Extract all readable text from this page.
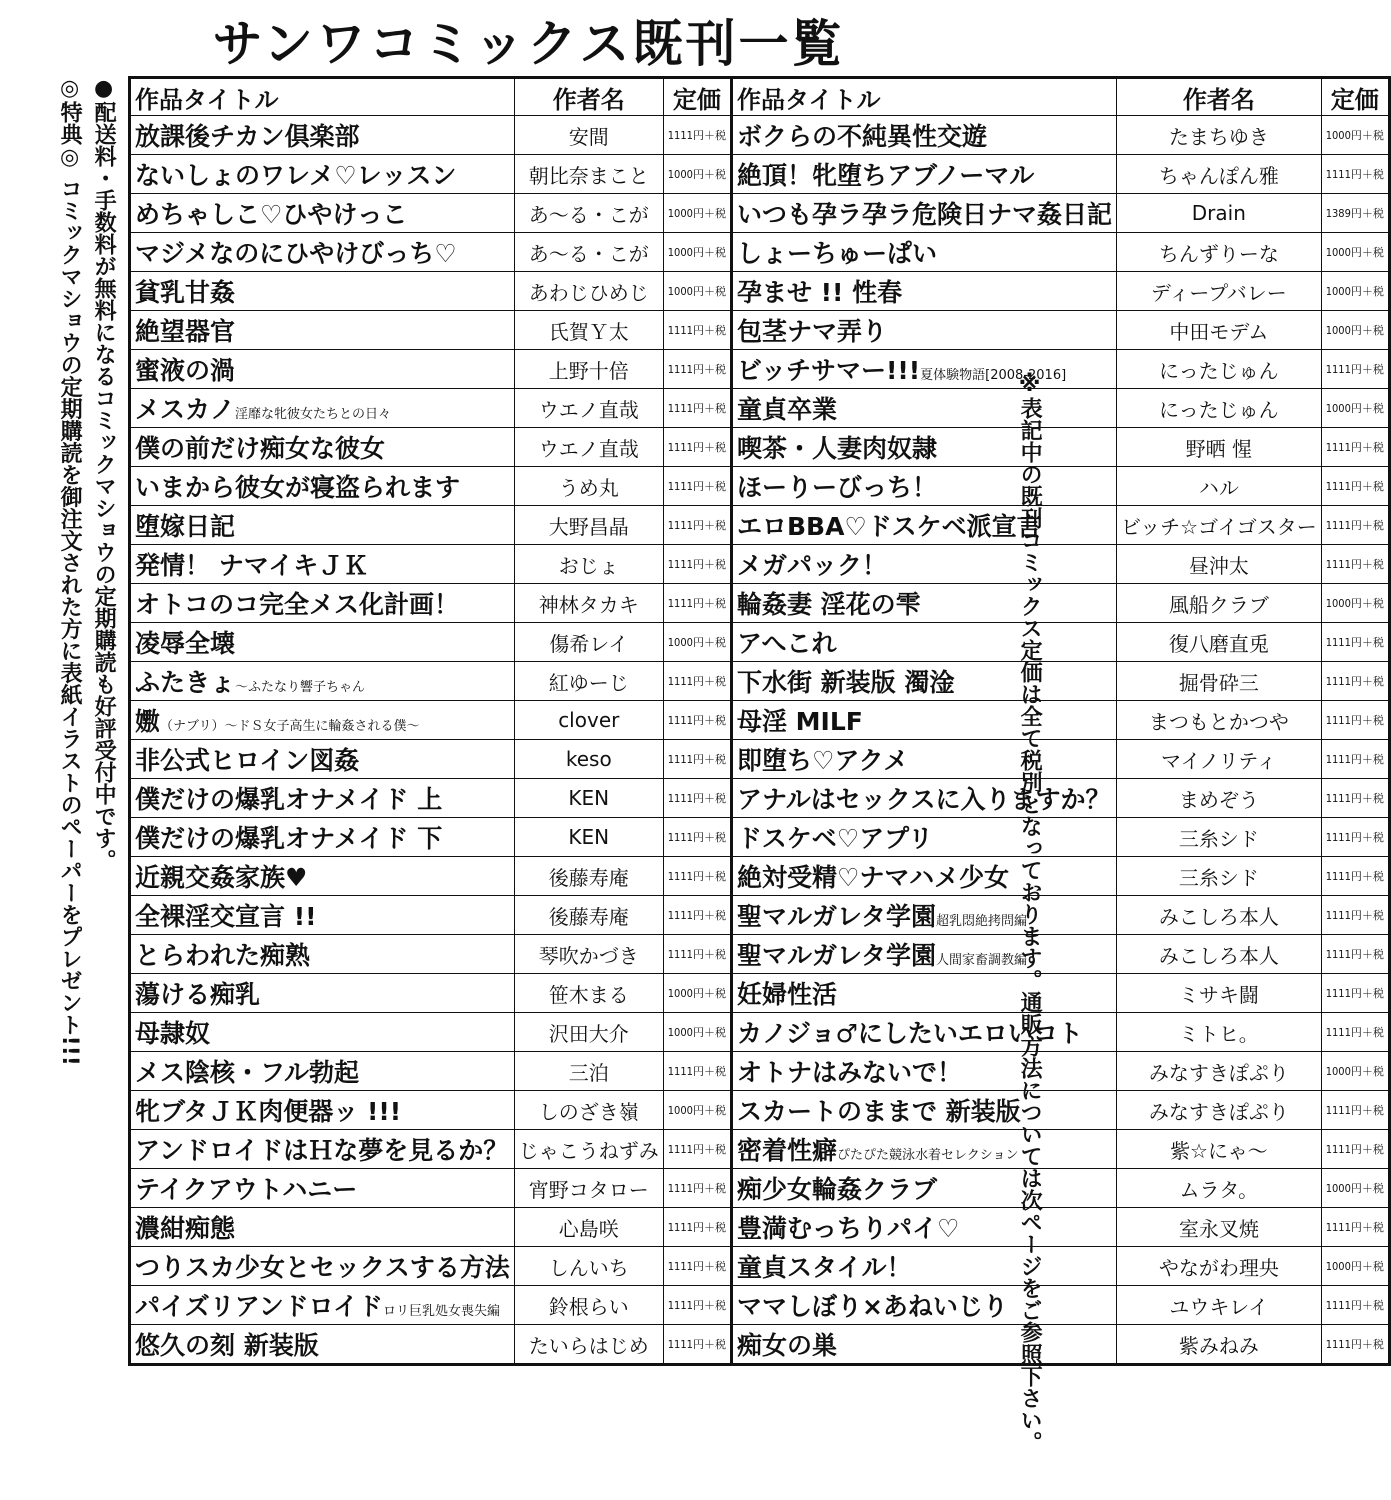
サンワコミックス既刊一覧
●配送料・手数料が無料になるコミックマショウの定期購読も好評受付中です。
◎特典◎ コミックマショウの定期購読を御注文された方に表紙イラストのペーパーをプレゼント!!!	※表記中の既刊コミックス定価は全て税別となっております。通販方法については次ページをご参照下さい。
作品タイトル	作者名	定価	作品タイトル	作者名	定価
放課後チカン倶楽部	安間	1111円＋税	ボクらの不純異性交遊	たまちゆき	1000円＋税
ないしょのワレメ♡レッスン	朝比奈まこと	1000円＋税	絶頂！牝堕ちアブノーマル	ちゃんぽん雅	1111円＋税
めちゃしこ♡ひやけっこ	あ〜る・こが	1000円＋税	いつも孕ラ孕ラ危険日ナマ姦日記	Drain	1389円＋税
マジメなのにひやけびっち♡	あ〜る・こが	1000円＋税	しょーちゅーぱい	ちんずりーな	1000円＋税
貧乳甘姦	あわじひめじ	1000円＋税	孕ませ !! 性春	ディープバレー	1000円＋税
絶望器官	氏賀Ｙ太	1111円＋税	包茎ナマ弄り	中田モデム	1000円＋税
蜜液の渦	上野十倍	1111円＋税	ビッチサマー!!!夏体験物語[2008-2016]	にったじゅん	1111円＋税
メスカノ淫靡な牝彼女たちとの日々	ウエノ直哉	1111円＋税	童貞卒業	にったじゅん	1000円＋税
僕の前だけ痴女な彼女	ウエノ直哉	1111円＋税	喫茶・人妻肉奴隷	野晒 惺	1111円＋税
いまから彼女が寝盗られます	うめ丸	1111円＋税	ほーりーびっち！	ハル	1111円＋税
堕嫁日記	大野昌晶	1111円＋税	エロBBA♡ドスケベ派宣言	ビッチ☆ゴイゴスター	1111円＋税
発情！ ナマイキＪＫ	おじょ	1111円＋税	メガパック！	昼沖太	1111円＋税
オトコのコ完全メス化計画！	神林タカキ	1111円＋税	輪姦妻 淫花の雫	風船クラブ	1000円＋税
凌辱全壊	傷希レイ	1000円＋税	アへこれ	復八磨直兎	1111円＋税
ふたきょ〜ふたなり響子ちゃん	紅ゆーじ	1111円＋税	下水街 新装版 濁淦	掘骨砕三	1111円＋税
嫐（ナブリ）〜ドＳ女子高生に輪姦される僕〜	clover	1111円＋税	母淫 MILF	まつもとかつや	1111円＋税
非公式ヒロイン図姦	keso	1111円＋税	即堕ち♡アクメ	マイノリティ	1111円＋税
僕だけの爆乳オナメイド 上	KEN	1111円＋税	アナルはセックスに入りますか？	まめぞう	1111円＋税
僕だけの爆乳オナメイド 下	KEN	1111円＋税	ドスケベ♡アプリ	三糸シド	1111円＋税
近親交姦家族♥	後藤寿庵	1111円＋税	絶対受精♡ナマハメ少女	三糸シド	1111円＋税
全裸淫交宣言 !!	後藤寿庵	1111円＋税	聖マルガレタ学園超乳悶絶拷問編	みこしろ本人	1111円＋税
とらわれた痴熟	琴吹かづき	1111円＋税	聖マルガレタ学園人間家畜調教編	みこしろ本人	1111円＋税
蕩ける痴乳	笹木まる	1000円＋税	妊婦性活	ミサキ闘	1111円＋税
母隷奴	沢田大介	1000円＋税	カノジョ♂にしたいエロいコト	ミトヒ。	1111円＋税
メス陰核・フル勃起	三泊	1111円＋税	オトナはみないで！	みなすきぽぷり	1000円＋税
牝ブタＪＫ肉便器ッ !!!	しのざき嶺	1000円＋税	スカートのままで 新装版	みなすきぽぷり	1111円＋税
アンドロイドはＨな夢を見るか？	じゃこうねずみ	1111円＋税	密着性癖ぴたぴた競泳水着セレクション	紫☆にゃ〜	1111円＋税
テイクアウトハニー	宵野コタロー	1111円＋税	痴少女輪姦クラブ	ムラタ。	1000円＋税
濃紺痴態	心島咲	1111円＋税	豊満むっちりパイ♡	室永叉焼	1111円＋税
つりスカ少女とセックスする方法	しんいち	1111円＋税	童貞スタイル！	やながわ理央	1000円＋税
パイズリアンドロイドロリ巨乳処女喪失編	鈴根らい	1111円＋税	ママしぼり×あねいじり	ユウキレイ	1111円＋税
悠久の刻 新装版	たいらはじめ	1111円＋税	痴女の巣	紫みねみ	1111円＋税
